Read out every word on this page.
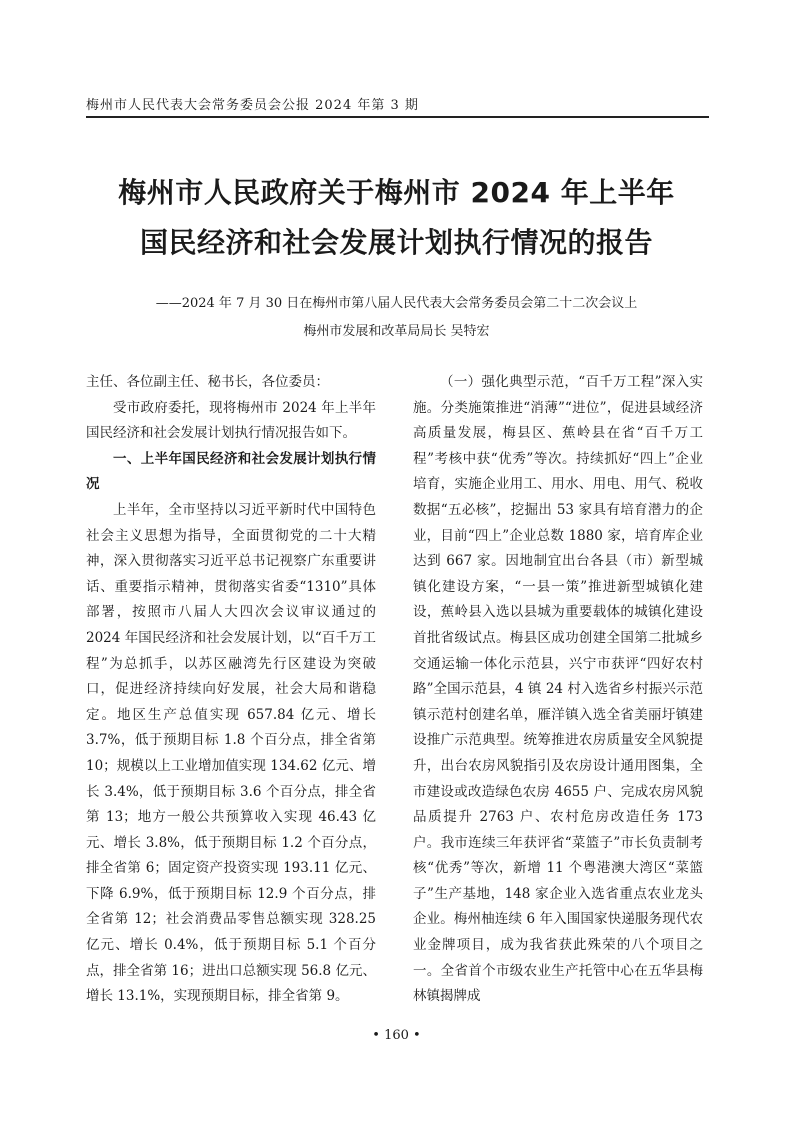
梅州市人民代表大会常务委员会公报 2024 年第 3 期
梅州市人民政府关于梅州市 2024 年上半年
国民经济和社会发展计划执行情况的报告
——2024 年 7 月 30 日在梅州市第八届人民代表大会常务委员会第二十二次会议上
梅州市发展和改革局局长 吴特宏

主任、各位副主任、秘书长，各位委员：

受市政府委托，现将梅州市 2024 年上半年国民经济和社会发展计划执行情况报告如下。

一、上半年国民经济和社会发展计划执行情况

上半年，全市坚持以习近平新时代中国特色社会主义思想为指导，全面贯彻党的二十大精神，深入贯彻落实习近平总书记视察广东重要讲话、重要指示精神，贯彻落实省委“1310”具体部署，按照市八届人大四次会议审议通过的 2024 年国民经济和社会发展计划，以“百千万工程”为总抓手，以苏区融湾先行区建设为突破口，促进经济持续向好发展，社会大局和谐稳定。地区生产总值实现 657.84 亿元、增长 3.7%，低于预期目标 1.8 个百分点，排全省第 10；规模以上工业增加值实现 134.62 亿元、增长 3.4%，低于预期目标 3.6 个百分点，排全省第 13；地方一般公共预算收入实现 46.43 亿元、增长 3.8%，低于预期目标 1.2 个百分点，排全省第 6；固定资产投资实现 193.11 亿元、下降 6.9%，低于预期目标 12.9 个百分点，排全省第 12；社会消费品零售总额实现 328.25 亿元、增长 0.4%，低于预期目标 5.1 个百分点，排全省第 16；进出口总额实现 56.8 亿元、增长 13.1%，实现预期目标，排全省第 9。

（一）强化典型示范，“百千万工程”深入实施。分类施策推进“消薄”“进位”，促进县域经济高质量发展，梅县区、蕉岭县在省“百千万工程”考核中获“优秀”等次。持续抓好“四上”企业培育，实施企业用工、用水、用电、用气、税收数据“五必核”，挖掘出 53 家具有培育潜力的企业，目前“四上”企业总数 1880 家，培育库企业达到 667 家。因地制宜出台各县（市）新型城镇化建设方案，“一县一策”推进新型城镇化建设，蕉岭县入选以县城为重要载体的城镇化建设首批省级试点。梅县区成功创建全国第二批城乡交通运输一体化示范县，兴宁市获评“四好农村路”全国示范县，4 镇 24 村入选省乡村振兴示范镇示范村创建名单，雁洋镇入选全省美丽圩镇建设推广示范典型。统筹推进农房质量安全风貌提升，出台农房风貌指引及农房设计通用图集，全市建设或改造绿色农房 4655 户、完成农房风貌品质提升 2763 户、农村危房改造任务 173 户。我市连续三年获评省“菜篮子”市长负责制考核“优秀”等次，新增 11 个粤港澳大湾区“菜篮子”生产基地，148 家企业入选省重点农业龙头企业。梅州柚连续 6 年入围国家快递服务现代农业金牌项目，成为我省获此殊荣的八个项目之一。全省首个市级农业生产托管中心在五华县梅林镇揭牌成

• 160 •
